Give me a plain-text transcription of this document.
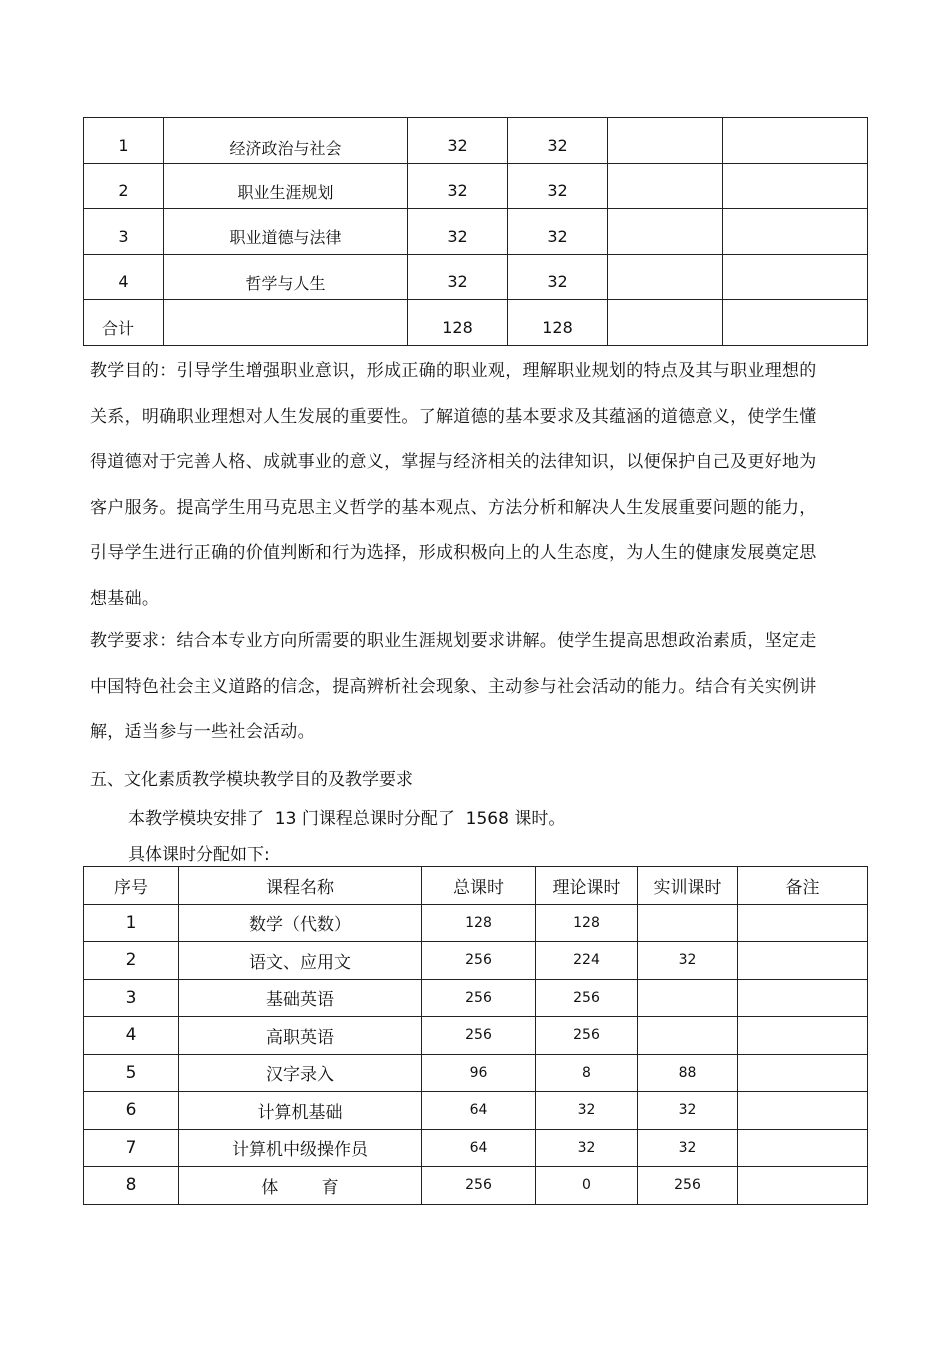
1	经济政治与社会	32	32		
2	职业生涯规划	32	32		
3	职业道德与法律	32	32		
4	哲学与人生	32	32		
合计		128	128		

教学目的：引导学生增强职业意识，形成正确的职业观，理解职业规划的特点及其与职业理想的关系，明确职业理想对人生发展的重要性。了解道德的基本要求及其蕴涵的道德意义，使学生懂得道德对于完善人格、成就事业的意义，掌握与经济相关的法律知识，以便保护自己及更好地为客户服务。提高学生用马克思主义哲学的基本观点、方法分析和解决人生发展重要问题的能力，引导学生进行正确的价值判断和行为选择，形成积极向上的人生态度，为人生的健康发展奠定思想基础。

教学要求：结合本专业方向所需要的职业生涯规划要求讲解。使学生提高思想政治素质，坚定走中国特色社会主义道路的信念，提高辨析社会现象、主动参与社会活动的能力。结合有关实例讲解，适当参与一些社会活动。

五、文化素质教学模块教学目的及教学要求

本教学模块安排了  13 门课程总课时分配了  1568 课时。

具体课时分配如下:

序号	课程名称	总课时	理论课时	实训课时	备注
1	数学（代数）	128	128		
2	语文、应用文	256	224	32	
3	基础英语	256	256		
4	高职英语	256	256		
5	汉字录入	96	8	88	
6	计算机基础	64	32	32	
7	计算机中级操作员	64	32	32	
8	体        育	256	0	256	
